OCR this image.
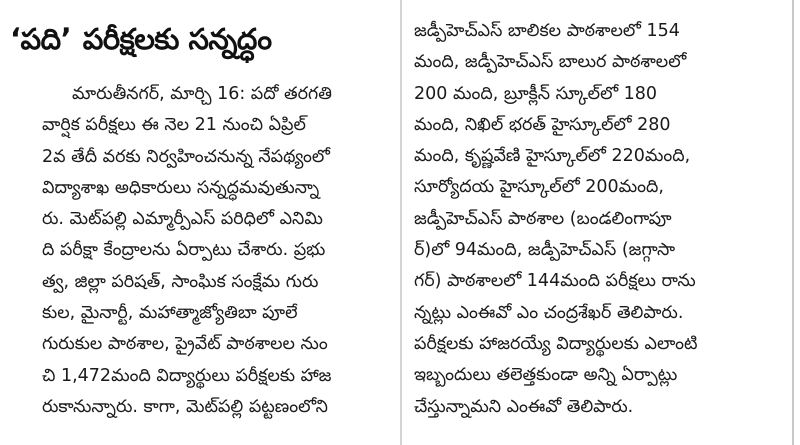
‘పది’ పరీక్షలకు సన్నద్ధం
మారుతీనగర్, మార్చి 16: పదో తరగతి
వార్షిక పరీక్షలు ఈ నెల 21 నుంచి ఏప్రిల్
2వ తేదీ వరకు నిర్వహించనున్న నేపథ్యంలో
విద్యాశాఖ అధికారులు సన్నద్ధమవుతున్నా
రు. మెట్‌పల్లి ఎమ్మార్పీఎస్ పరిధిలో ఎనిమి
ది పరీక్షా కేంద్రాలను ఏర్పాటు చేశారు. ప్రభు
త్వ, జిల్లా పరిషత్, సాంఘిక సంక్షేమ గురు
కుల, మైనార్టీ, మహాత్మాజ్యోతిబా పూలే
గురుకుల పాఠశాల, ప్రైవేట్ పాఠశాలల నుం
చి 1,472మంది విద్యార్థులు పరీక్షలకు హాజ
రుకానున్నారు. కాగా, మెట్‌పల్లి పట్టణంలోని
జడ్పీహెచ్ఎస్ బాలికల పాఠశాలలో 154
మంది, జడ్పీహెచ్ఎస్ బాలుర పాఠశాలలో
200 మంది, బ్రూక్లీన్ స్కూల్‌లో 180
మంది, నిఖిల్ భరత్ హైస్కూల్‌లో 280
మంది, కృష్ణవేణి హైస్కూల్‌లో 220మంది,
సూర్యోదయ హైస్కూల్‌లో 200మంది,
జడ్పీహెచ్ఎస్ పాఠశాల (బండలింగాపూ
ర్)లో 94మంది, జడ్పీహెచ్ఎస్ (జగ్గాసా
గర్) పాఠశాలలో 144మంది పరీక్షలు రాను
న్నట్లు ఎంఈవో ఎం చంద్రశేఖర్ తెలిపారు.
పరీక్షలకు హాజరయ్యే విద్యార్థులకు ఎలాంటి
ఇబ్బందులు తలెత్తకుండా అన్ని ఏర్పాట్లు
చేస్తున్నామని ఎంఈవో తెలిపారు.
